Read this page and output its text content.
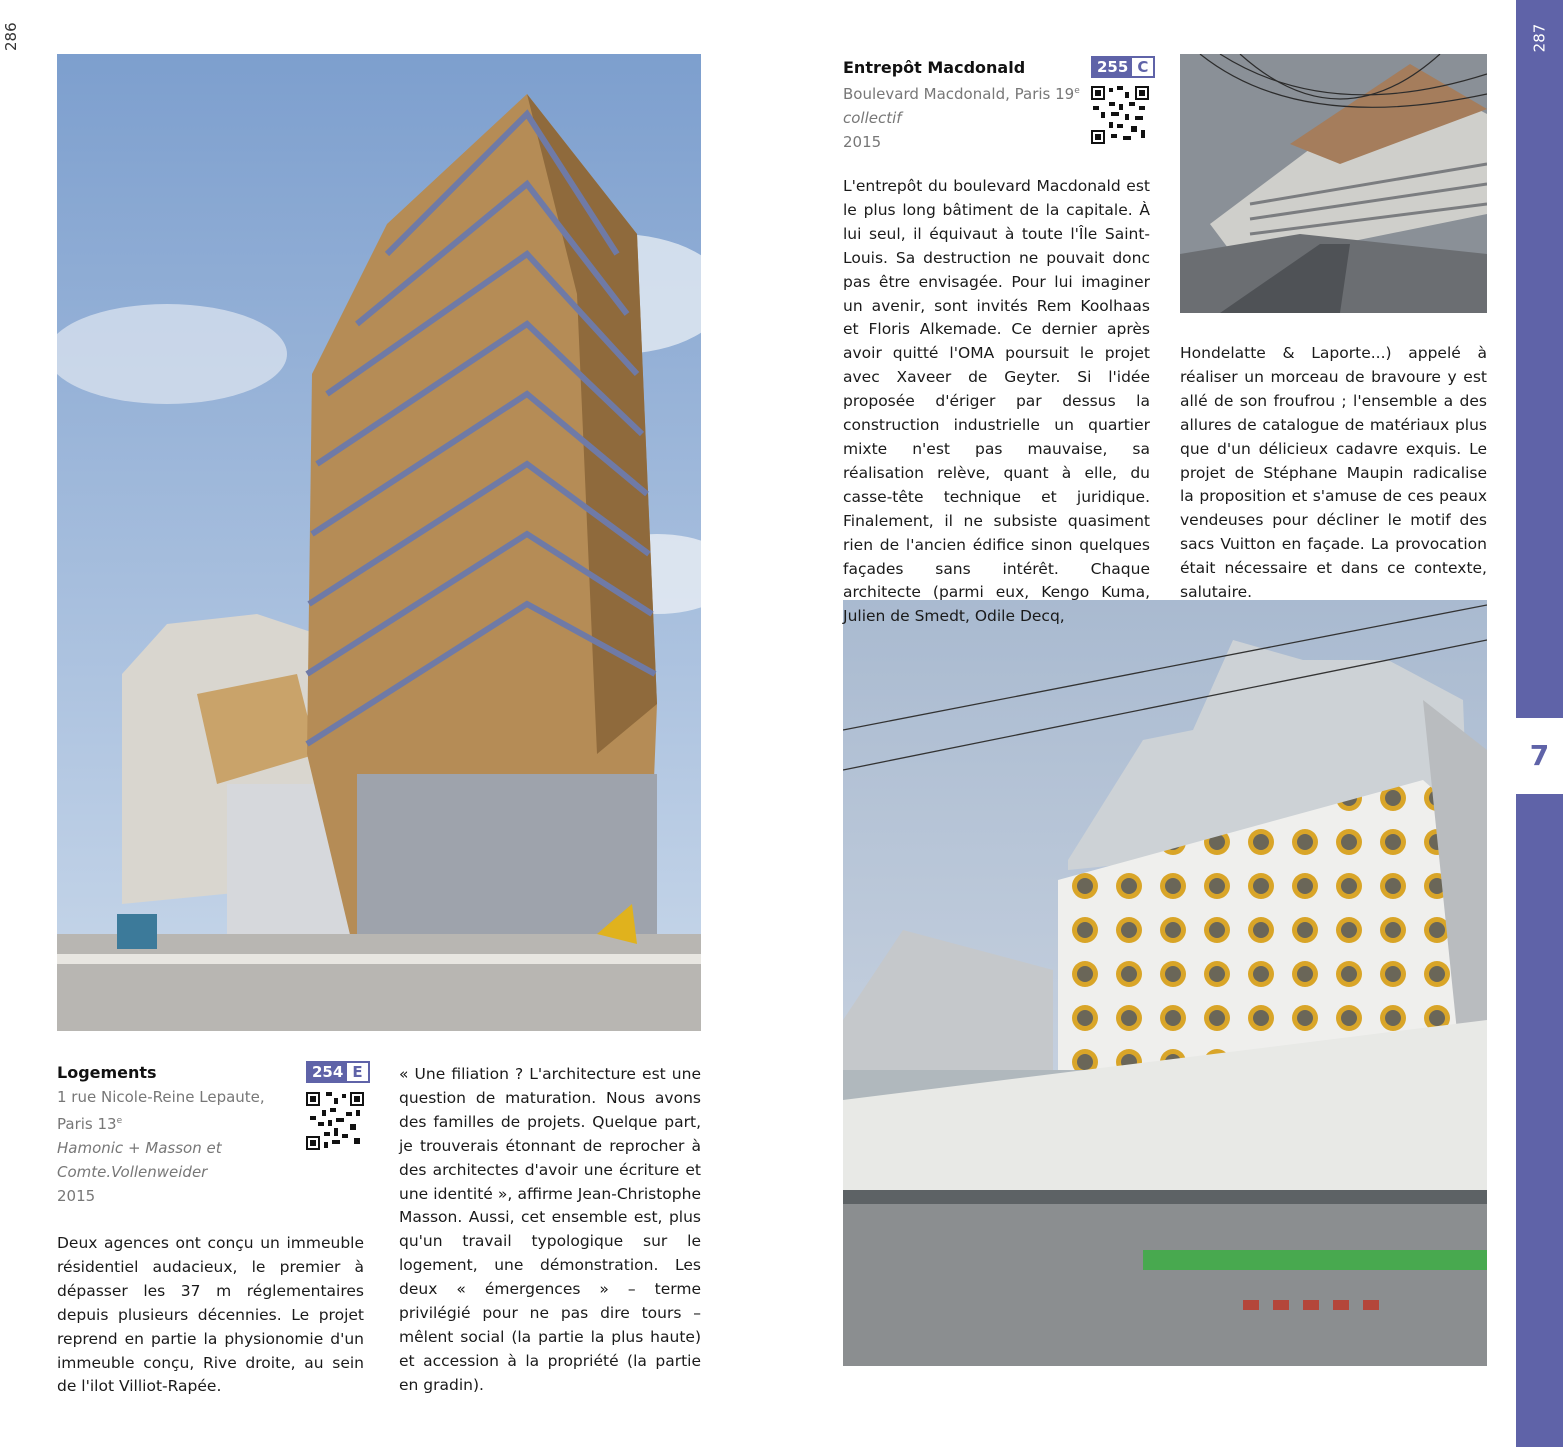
286	287
7
Entrepôt Macdonald	255 C
Boulevard Macdonald, Paris 19e
collectif
2015
L'entrepôt du boulevard Macdonald est le plus long bâtiment de la capitale. À lui seul, il équivaut à toute l'Île Saint-Louis. Sa destruction ne pouvait donc pas être envisagée. Pour lui imaginer un avenir, sont invités Rem Koolhaas et Floris Alkemade. Ce dernier après avoir quitté l'OMA poursuit le projet avec Xaveer de Geyter. Si l'idée proposée d'ériger par dessus la construction industrielle un quartier mixte n'est pas mauvaise, sa réalisation relève, quant à elle, du casse-tête technique et juridique. Finalement, il ne subsiste quasiment rien de l'ancien édifice sinon quelques façades sans intérêt. Chaque architecte (parmi eux, Kengo Kuma, Julien de Smedt, Odile Decq,
Hondelatte & Laporte...) appelé à réaliser un morceau de bravoure y est allé de son froufrou ; l'ensemble a des allures de catalogue de matériaux plus que d'un délicieux cadavre exquis. Le projet de Stéphane Maupin radicalise la proposition et s'amuse de ces peaux vendeuses pour décliner le motif des sacs Vuitton en façade. La provocation était nécessaire et dans ce contexte, salutaire.
Logements	254 E
1 rue Nicole-Reine Lepaute,
Paris 13e
Hamonic + Masson et
Comte.Vollenweider
2015
Deux agences ont conçu un immeuble résidentiel audacieux, le premier à dépasser les 37 m réglementaires depuis plusieurs décennies. Le projet reprend en partie la physionomie d'un immeuble conçu, Rive droite, au sein de l'ilot Villiot-Rapée.
« Une filiation ? L'architecture est une question de maturation. Nous avons des familles de projets. Quelque part, je trouverais étonnant de reprocher à des architectes d'avoir une écriture et une identité », affirme Jean-Christophe Masson. Aussi, cet ensemble est, plus qu'un travail typologique sur le logement, une démonstration. Les deux « émergences » – terme privilégié pour ne pas dire tours – mêlent social (la partie la plus haute) et accession à la propriété (la partie en gradin).
